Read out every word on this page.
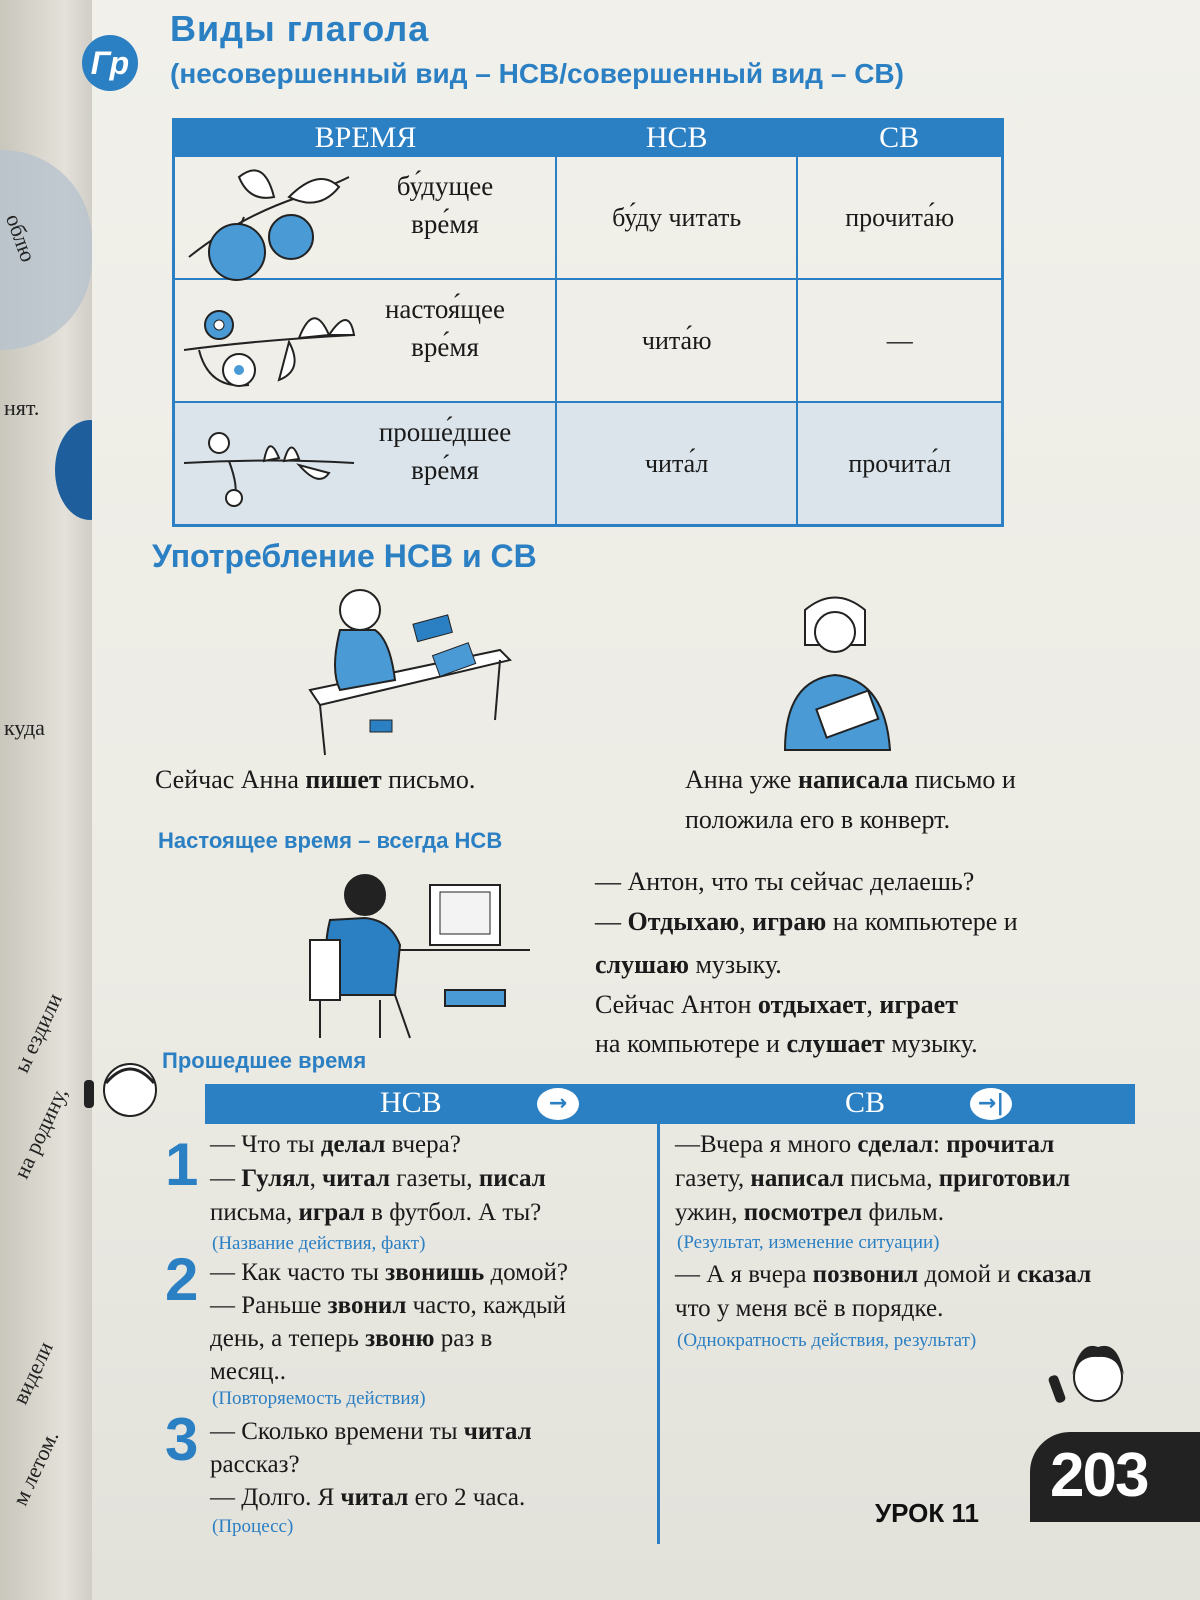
облю
нят.
куда
ы ездили
на родину,
видели
м летом.
Гр
Виды глагола
(несовершенный вид – НСВ/совершенный вид – СВ)
ВРЕМЯ	НСВ	СВ

бу́дущее
вре́мя	бу́ду читать	прочита́ю

настоя́щее
вре́мя	чита́ю	—

проше́дшее
вре́мя	чита́л	прочита́л
Употребление НСВ и СВ
Сейчас Анна пишет письмо.	Анна уже написала письмо и
положила его в конверт.
Настоящее время – всегда НСВ
— Антон, что ты сейчас делаешь?
— Отдыхаю, играю на компьютере и
слушаю музыку.
Сейчас Антон отдыхает, играет
на компьютере и слушает музыку.
Прошедшее время
НСВ	→	СВ	→|
1 — Что ты делал вчера?
— Гулял, читал газеты, писал
письма, играл в футбол. А ты?
(Название действия, факт)
2 — Как часто ты звонишь домой?
— Раньше звонил часто, каждый
день, а теперь звоню раз в
месяц..
(Повторяемость действия)
3 — Сколько времени ты читал
рассказ?
— Долго. Я читал его 2 часа.
(Процесс)
—Вчера я много сделал: прочитал
газету, написал письма, приготовил
ужин, посмотрел фильм.
(Результат, изменение ситуации)
— А я вчера позвонил домой и сказал
что у меня всё в порядке.
(Однократность действия, результат)
УРОК 11
203
